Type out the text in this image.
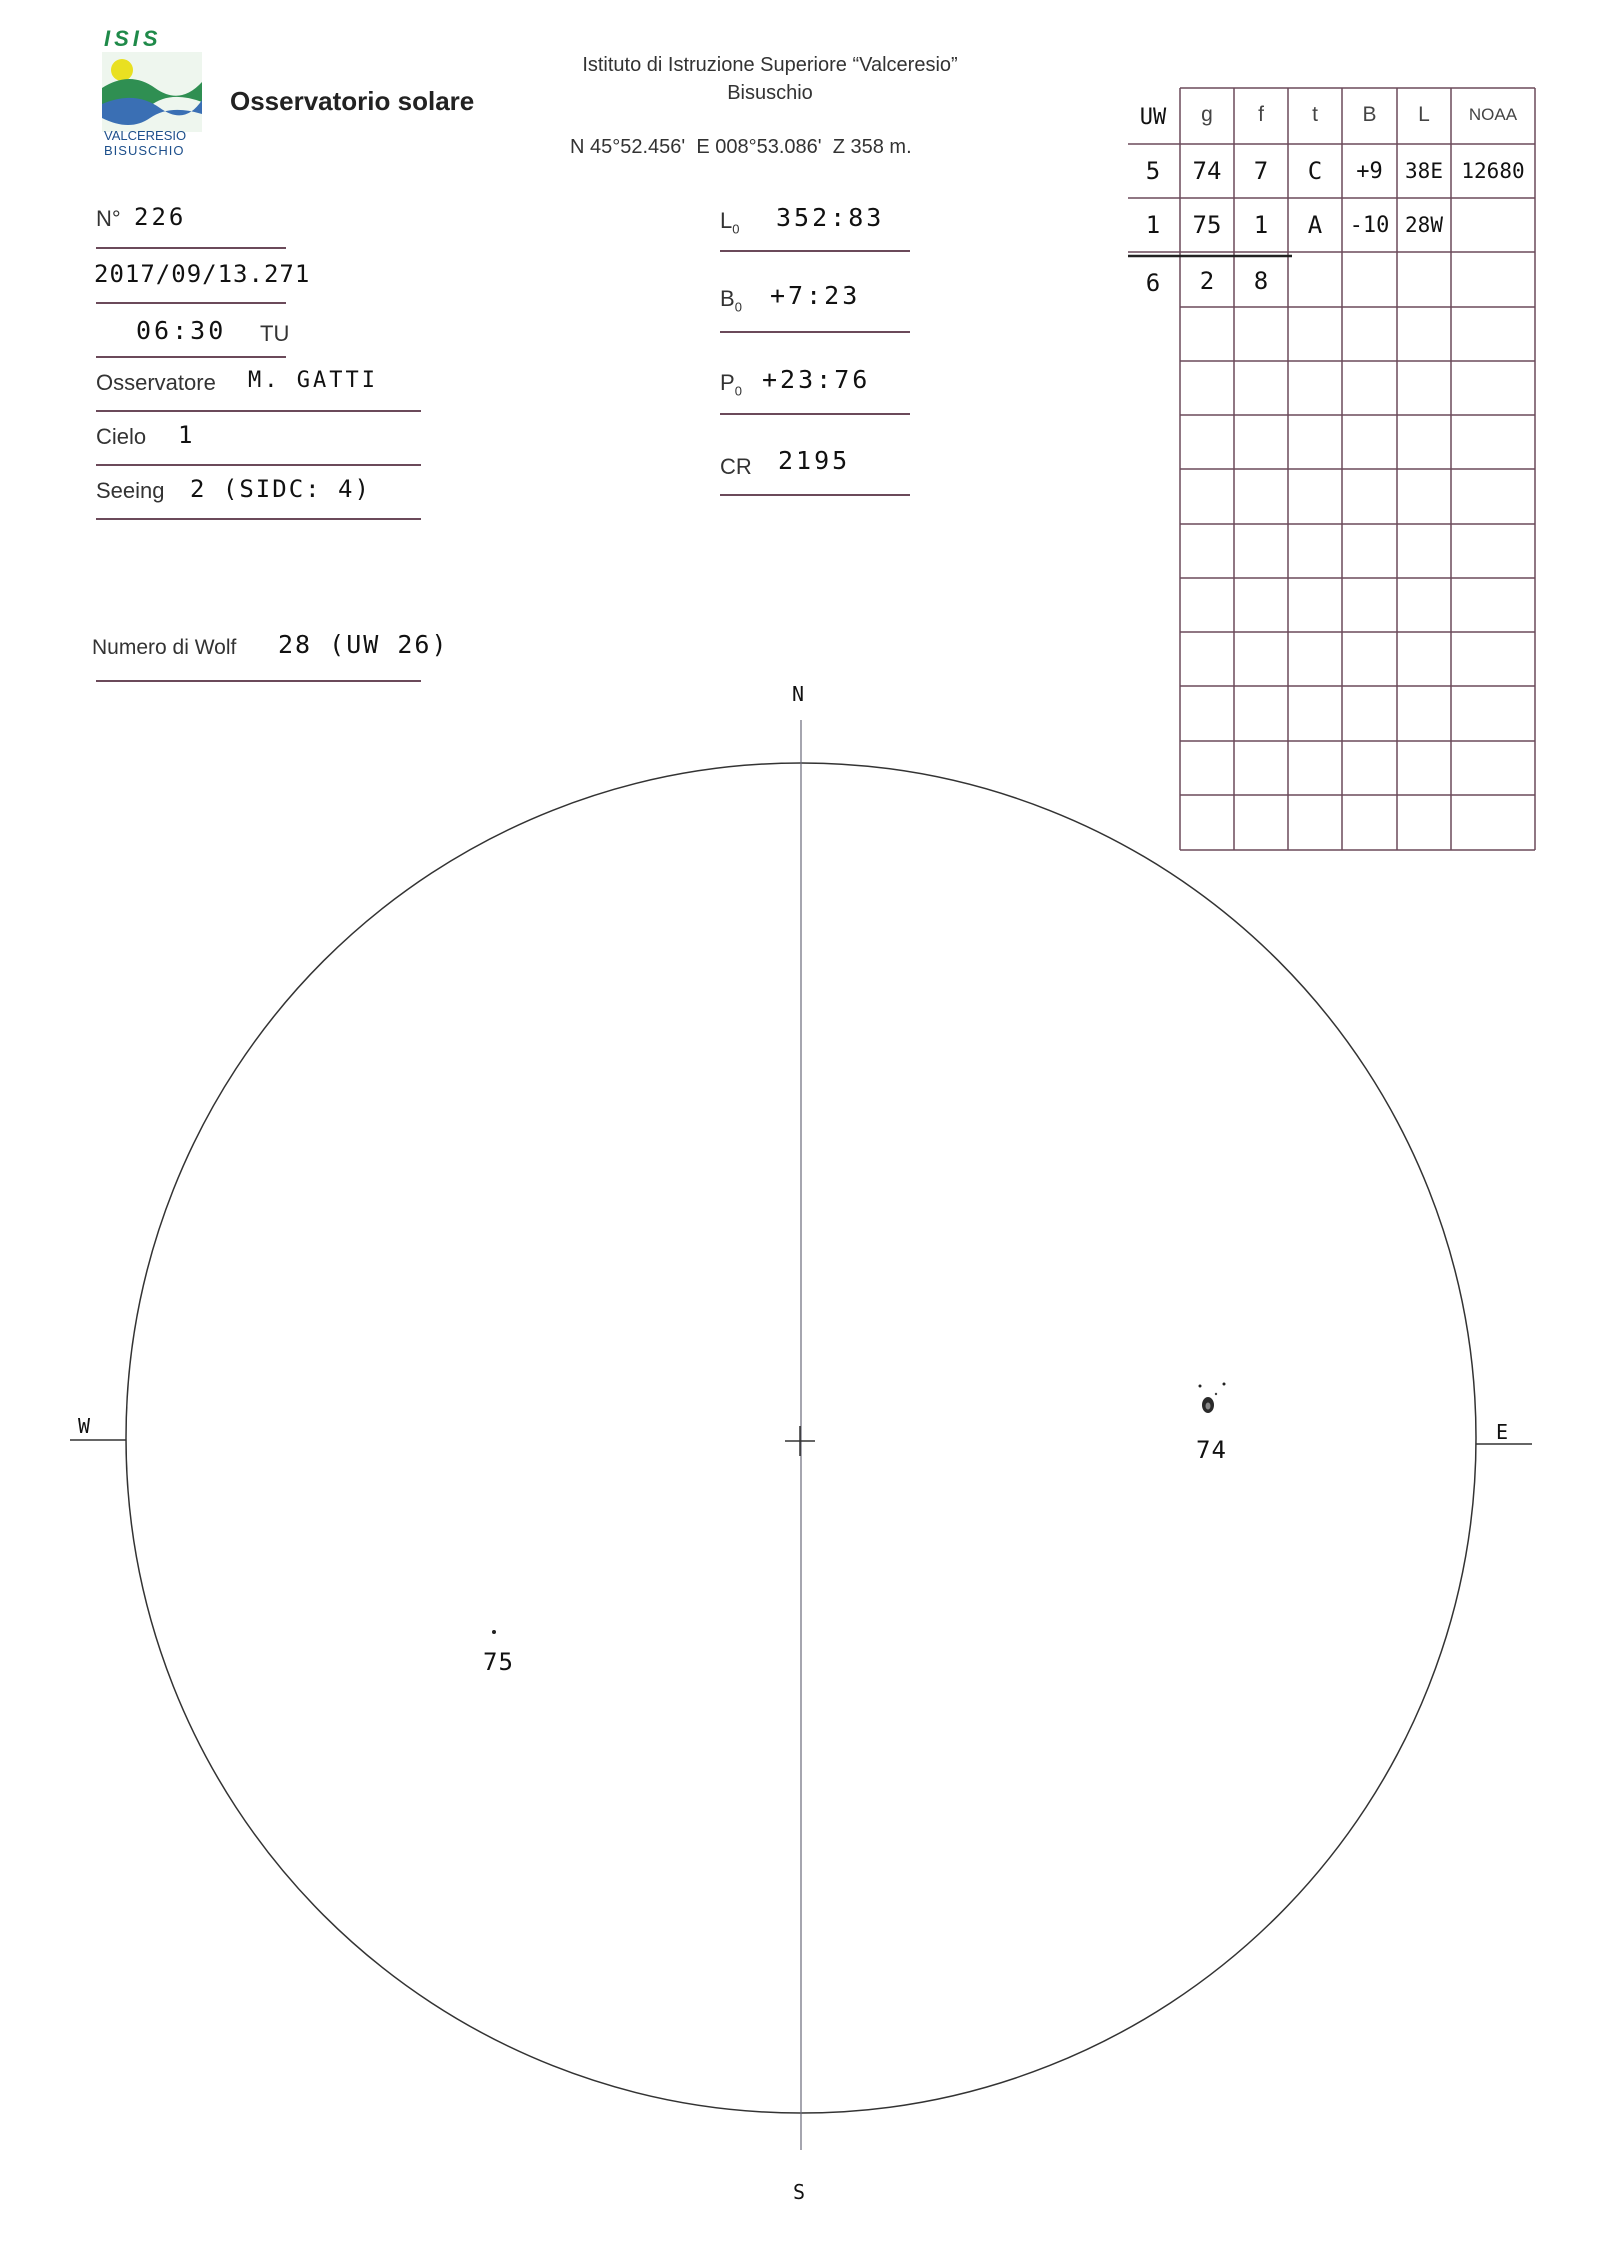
ISIS
VALCERESIO
BISUSCHIO
Osservatorio solare
Istituto di Istruzione Superiore “Valceresio”
Bisuschio
N 45°52.456'  E 008°53.086'  Z 358 m.
N° 226
2017/09/13.271
06:30 TU
Osservatore M. GATTI
Cielo 1
Seeing 2 (SIDC: 4)
Numero di Wolf 28 (UW 26)
$L_0$ 352:83
$B_0$ +7:23
$P_0$ +23:76
CR 2195
UW	g	f	t	B	L	NOAA
5	74	7	C	+9	38E 12680
1	75	1	A	-10 28W
6	2	8
N
S
W	E
74
75
